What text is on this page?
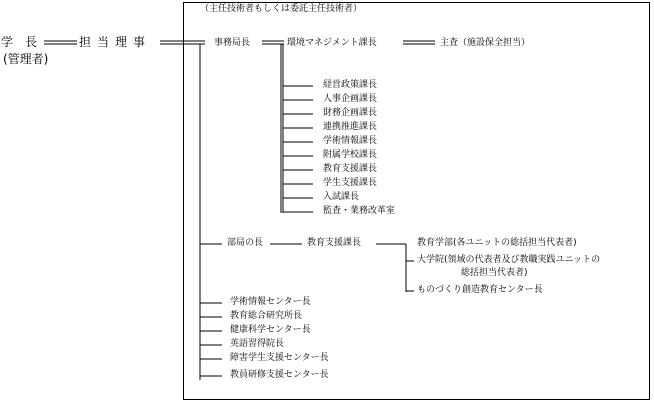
（主任技術者もしくは委託主任技術者）
学　長
(管理者)
担当理事	事務局長	環境マネジメント課長	主査（施設保全担当）
経営政策課長
人事企画課長
財務企画課長
連携推進課長
学術情報課長
附属学校課長
教育支援課長
学生支援課長
入試課長
監査・業務改革室
部局の長	教育支援課長	教育学部(各ユニットの総括担当代表者)
大学院(領域の代表者及び教職実践ユニットの
総括担当代表者)
ものづくり創造教育センター長
学術情報センター長
教育総合研究所長
健康科学センター長
英語習得院長
障害学生支援センター長
教員研修支援センター長
